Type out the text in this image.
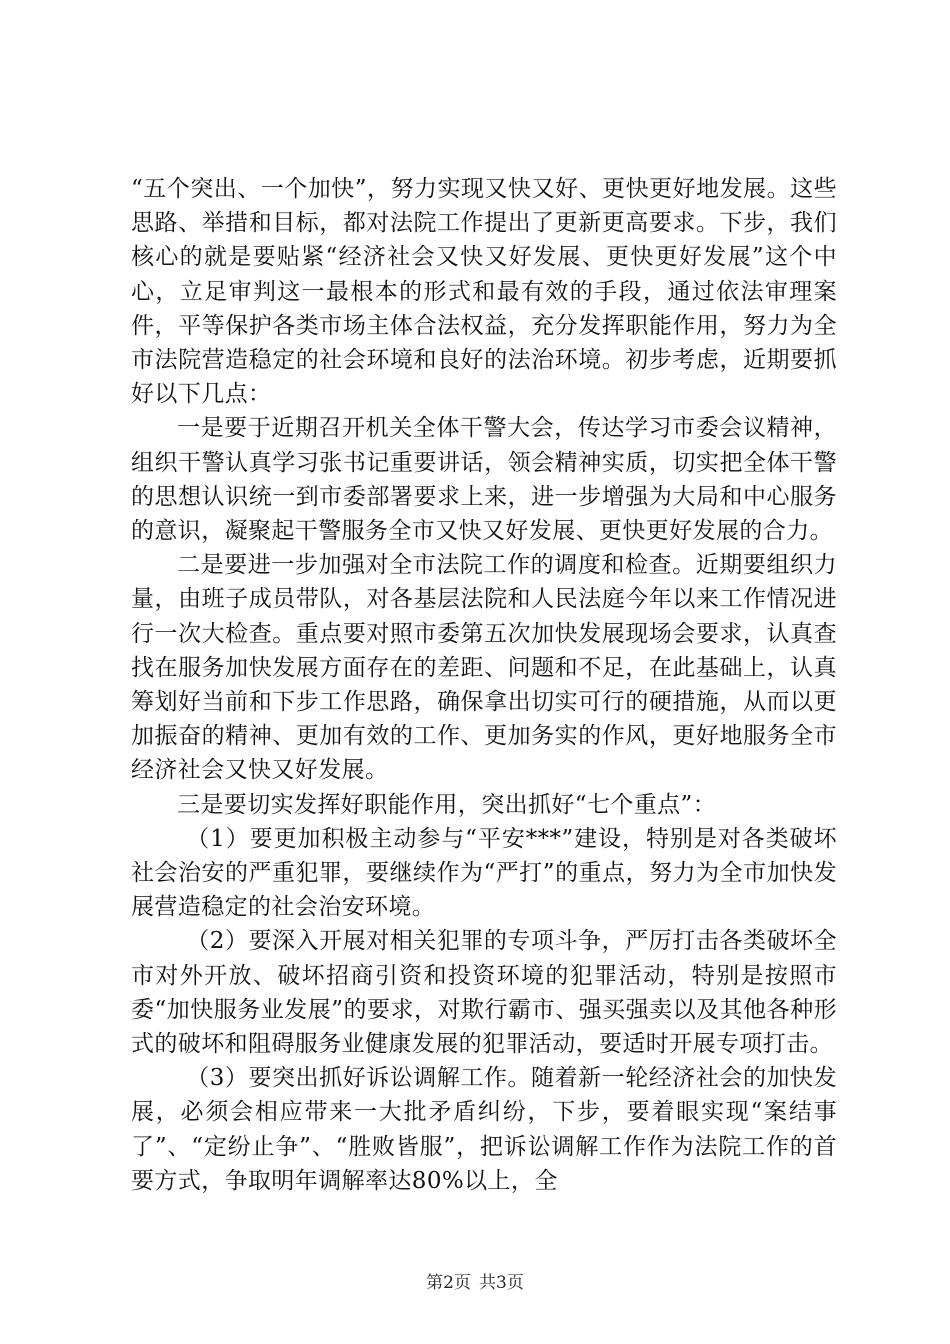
“五个突出、一个加快”，努力实现又快又好、更快更好地发展。这些思路、举措和目标，都对法院工作提出了更新更高要求。下步，我们核心的就是要贴紧“经济社会又快又好发展、更快更好发展”这个中心，立足审判这一最根本的形式和最有效的手段，通过依法审理案件，平等保护各类市场主体合法权益，充分发挥职能作用，努力为全市法院营造稳定的社会环境和良好的法治环境。初步考虑，近期要抓好以下几点：

一是要于近期召开机关全体干警大会，传达学习市委会议精神，组织干警认真学习张书记重要讲话，领会精神实质，切实把全体干警的思想认识统一到市委部署要求上来，进一步增强为大局和中心服务的意识，凝聚起干警服务全市又快又好发展、更快更好发展的合力。

二是要进一步加强对全市法院工作的调度和检查。近期要组织力量，由班子成员带队，对各基层法院和人民法庭今年以来工作情况进行一次大检查。重点要对照市委第五次加快发展现场会要求，认真查找在服务加快发展方面存在的差距、问题和不足，在此基础上，认真筹划好当前和下步工作思路，确保拿出切实可行的硬措施，从而以更加振奋的精神、更加有效的工作、更加务实的作风，更好地服务全市经济社会又快又好发展。

三是要切实发挥好职能作用，突出抓好“七个重点”：

（1）要更加积极主动参与“平安***”建设，特别是对各类破坏社会治安的严重犯罪，要继续作为“严打”的重点，努力为全市加快发展营造稳定的社会治安环境。

（2）要深入开展对相关犯罪的专项斗争，严厉打击各类破坏全市对外开放、破坏招商引资和投资环境的犯罪活动，特别是按照市委“加快服务业发展”的要求，对欺行霸市、强买强卖以及其他各种形式的破坏和阻碍服务业健康发展的犯罪活动，要适时开展专项打击。

（3）要突出抓好诉讼调解工作。随着新一轮经济社会的加快发展，必须会相应带来一大批矛盾纠纷，下步，要着眼实现“案结事了”、“定纷止争”、“胜败皆服”，把诉讼调解工作作为法院工作的首要方式，争取明年调解率达80%以上，全

第2页 共3页
